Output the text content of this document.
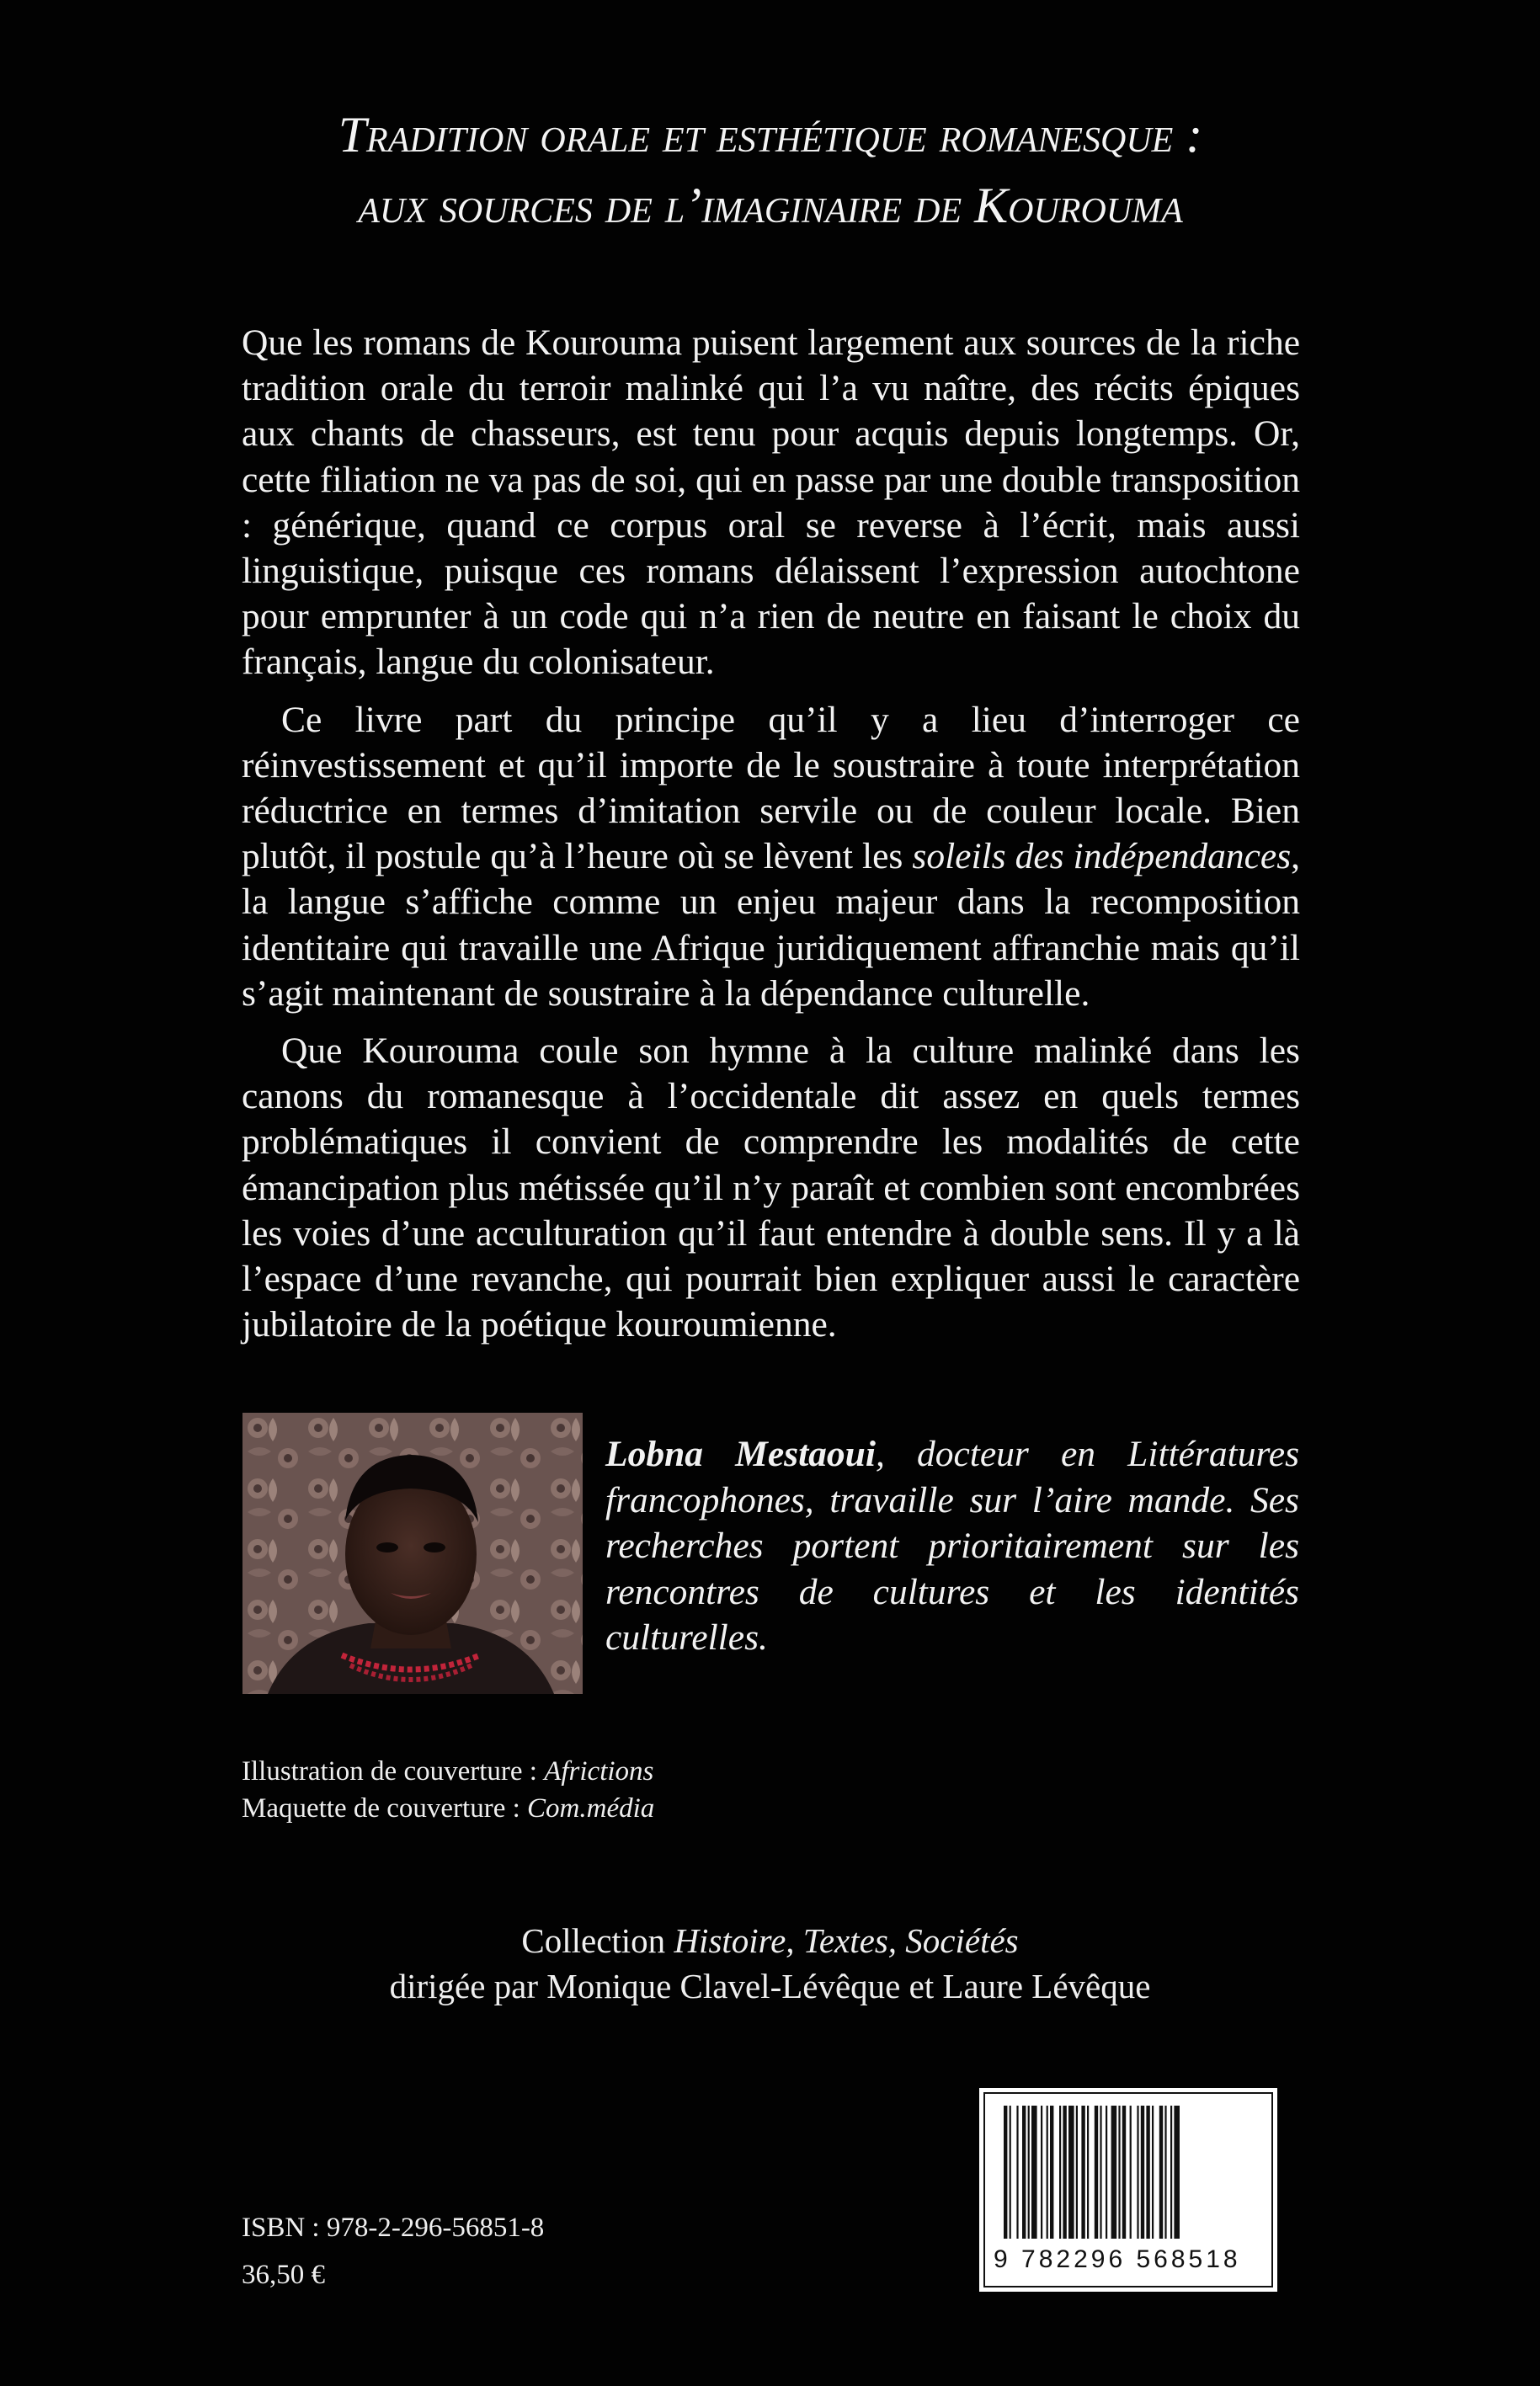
Tradition orale et esthétique romanesque :
aux sources de l’imaginaire de Kourouma

Que les romans de Kourouma puisent largement aux sources de la riche tradition orale du terroir malinké qui l’a vu naître, des récits épiques aux chants de chasseurs, est tenu pour acquis depuis longtemps. Or, cette filiation ne va pas de soi, qui en passe par une double transposition : générique, quand ce corpus oral se reverse à l’écrit, mais aussi linguistique, puisque ces romans délaissent l’expression autochtone pour emprunter à un code qui n’a rien de neutre en faisant le choix du français, langue du colonisateur.

Ce livre part du principe qu’il y a lieu d’interroger ce réinvestissement et qu’il importe de le soustraire à toute interprétation réductrice en termes d’imitation servile ou de couleur locale. Bien plutôt, il postule qu’à l’heure où se lèvent les soleils des indépendances, la langue s’affiche comme un enjeu majeur dans la recomposition identitaire qui travaille une Afrique juridiquement affranchie mais qu’il s’agit maintenant de soustraire à la dépendance culturelle.

Que Kourouma coule son hymne à la culture malinké dans les canons du romanesque à l’occidentale dit assez en quels termes problématiques il convient de comprendre les modalités de cette émancipation plus métissée qu’il n’y paraît et combien sont encombrées les voies d’une acculturation qu’il faut entendre à double sens. Il y a là l’espace d’une revanche, qui pourrait bien expliquer aussi le caractère jubilatoire de la poétique kouroumienne.

Lobna Mestaoui, docteur en Littératures francophones, travaille sur l’aire mande. Ses recherches portent prioritairement sur les rencontres de cultures et les identités culturelles.
Illustration de couverture : Africtions
Maquette de couverture : Com.média
Collection Histoire, Textes, Sociétés
dirigée par Monique Clavel-Lévêque et Laure Lévêque
ISBN : 978-2-296-56851-8
36,50 €
9 782296 568518
